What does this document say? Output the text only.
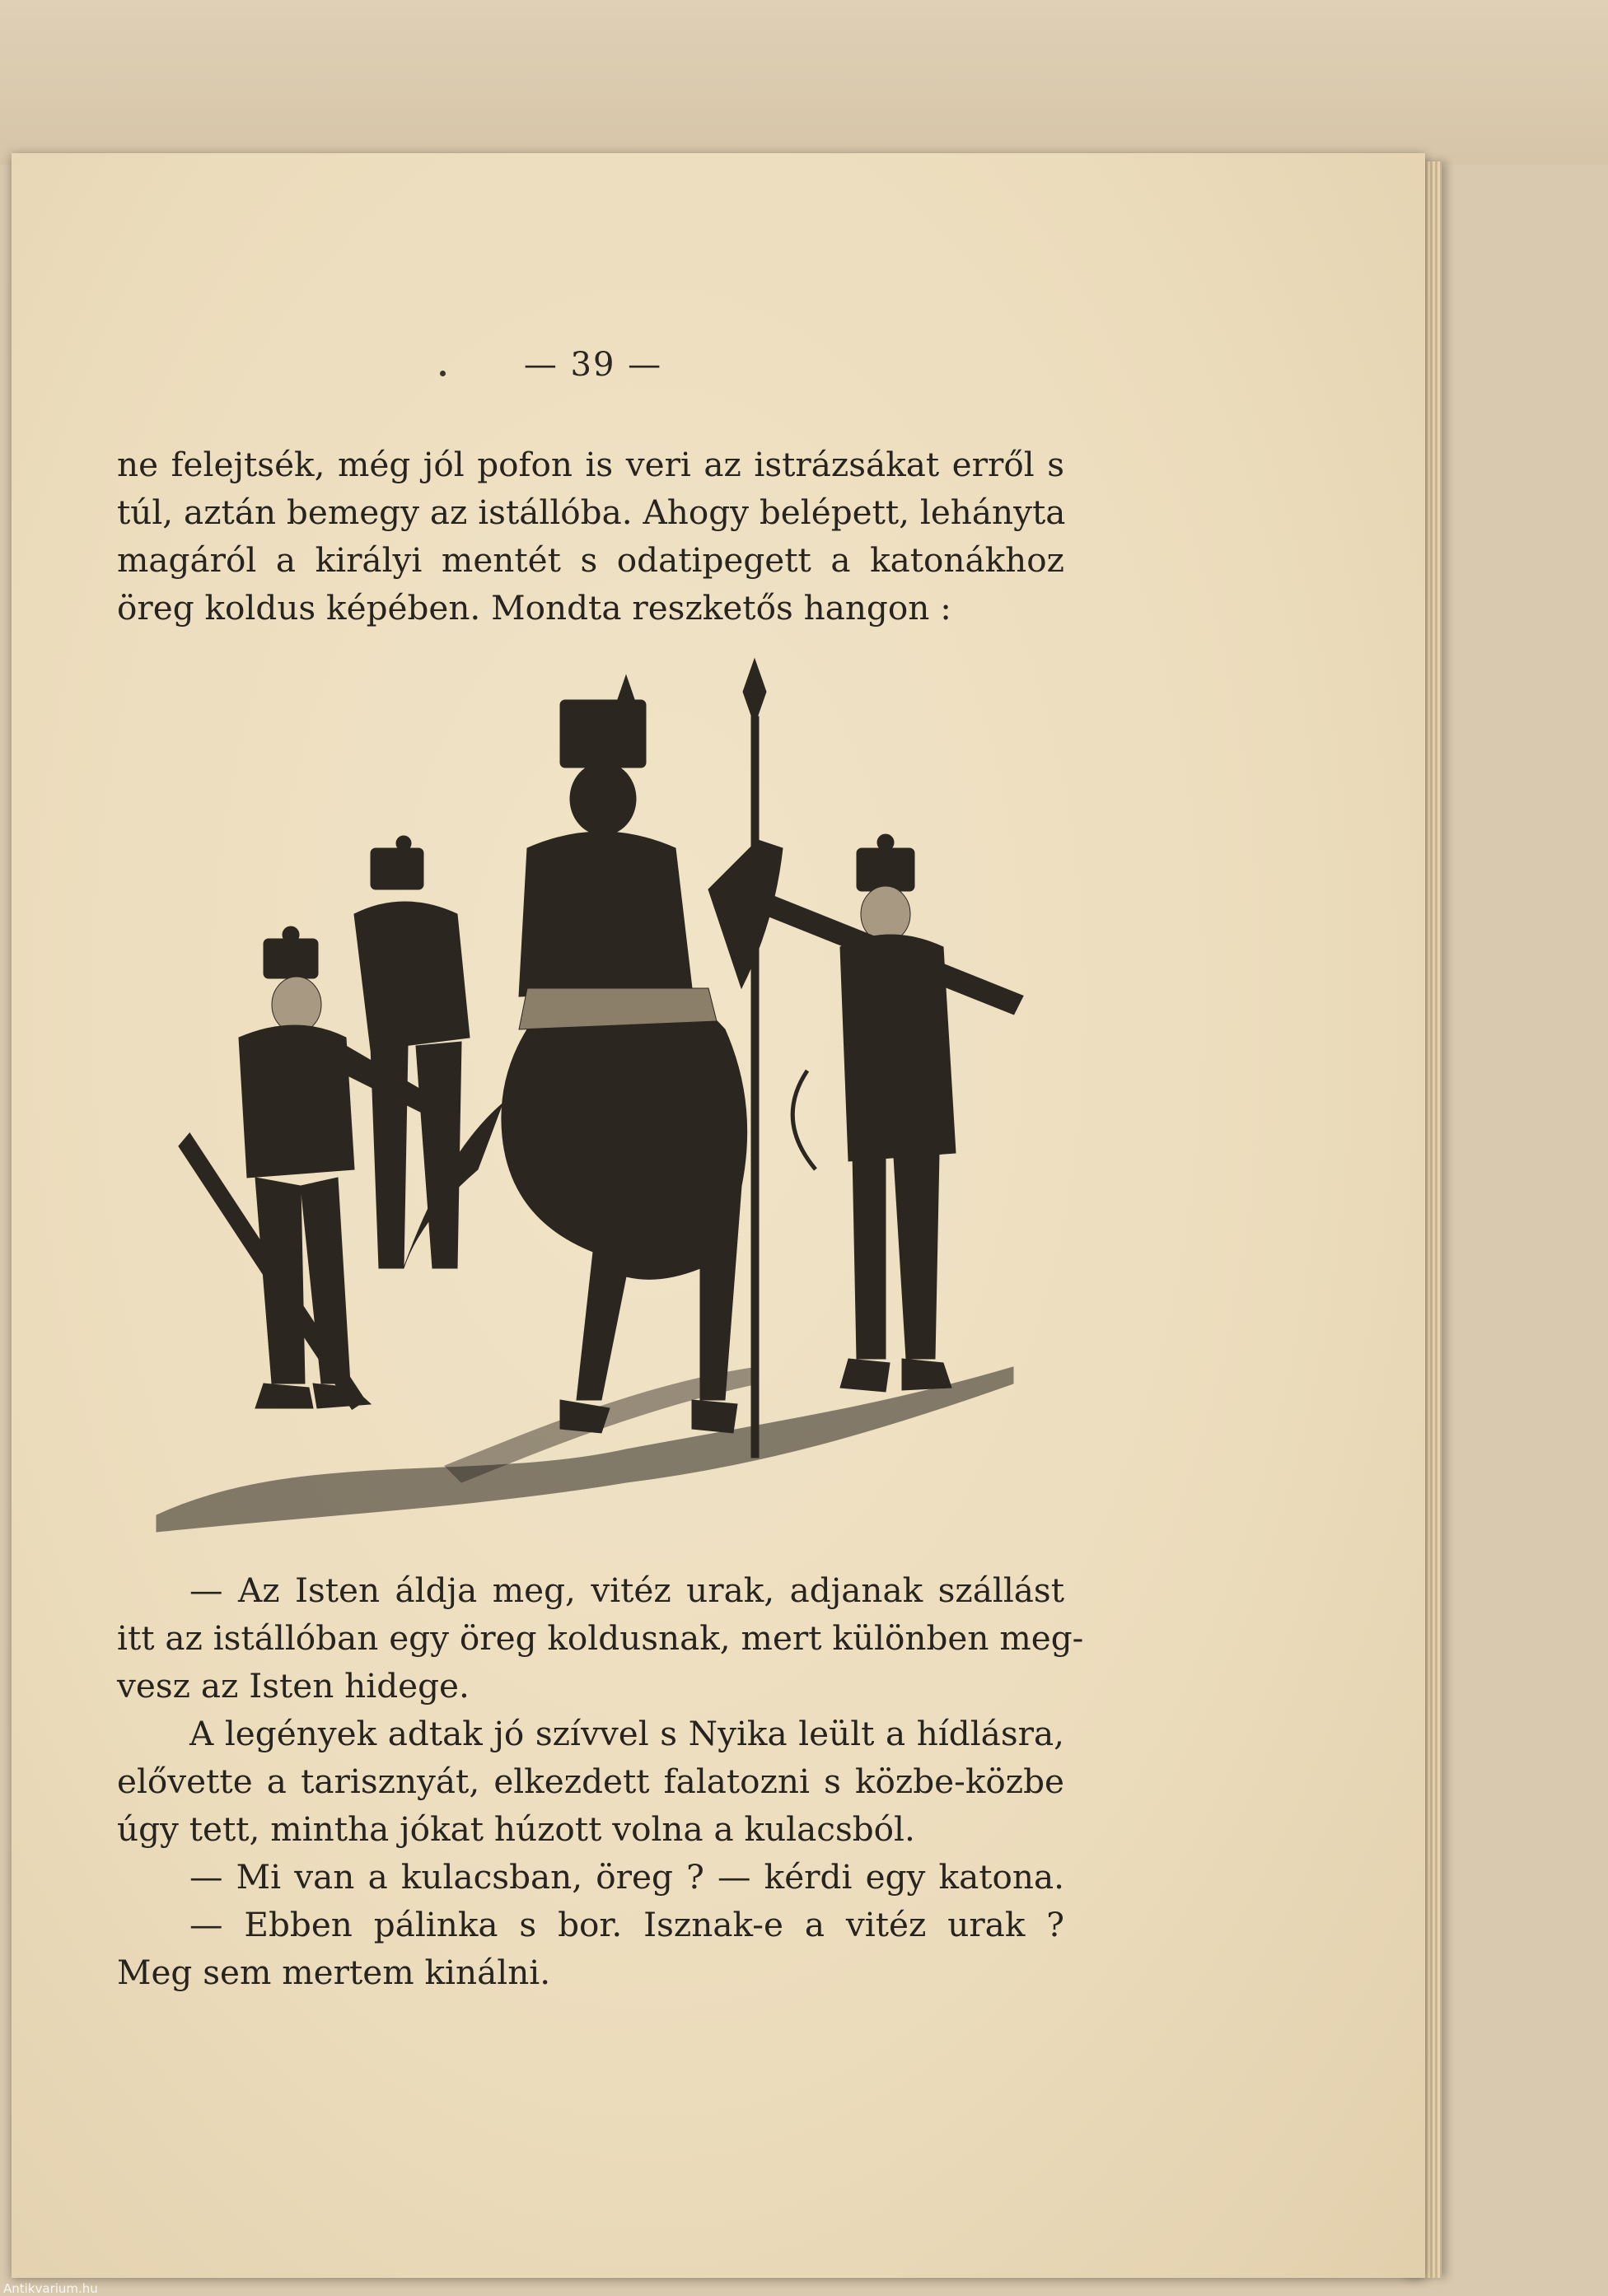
— 39 —

ne felejtsék, még jól pofon is veri az istrázsákat erről s
túl, aztán bemegy az istállóba. Ahogy belépett, lehányta
magáról a királyi mentét s odatipegett a katonákhoz
öreg koldus képében. Mondta reszketős hangon :

— Az Isten áldja meg, vitéz urak, adjanak szállást

itt az istállóban egy öreg koldusnak, mert különben meg-
vesz az Isten hidege.

A legények adtak jó szívvel s Nyika leült a hídlásra,

elővette a tarisznyát, elkezdett falatozni s közbe-közbe
úgy tett, mintha jókat húzott volna a kulacsból.

— Mi van a kulacsban, öreg ? — kérdi egy katona.

— Ebben pálinka s bor. Isznak-e a vitéz urak ?

Meg sem mertem kinálni.

Antikvarium.hu
